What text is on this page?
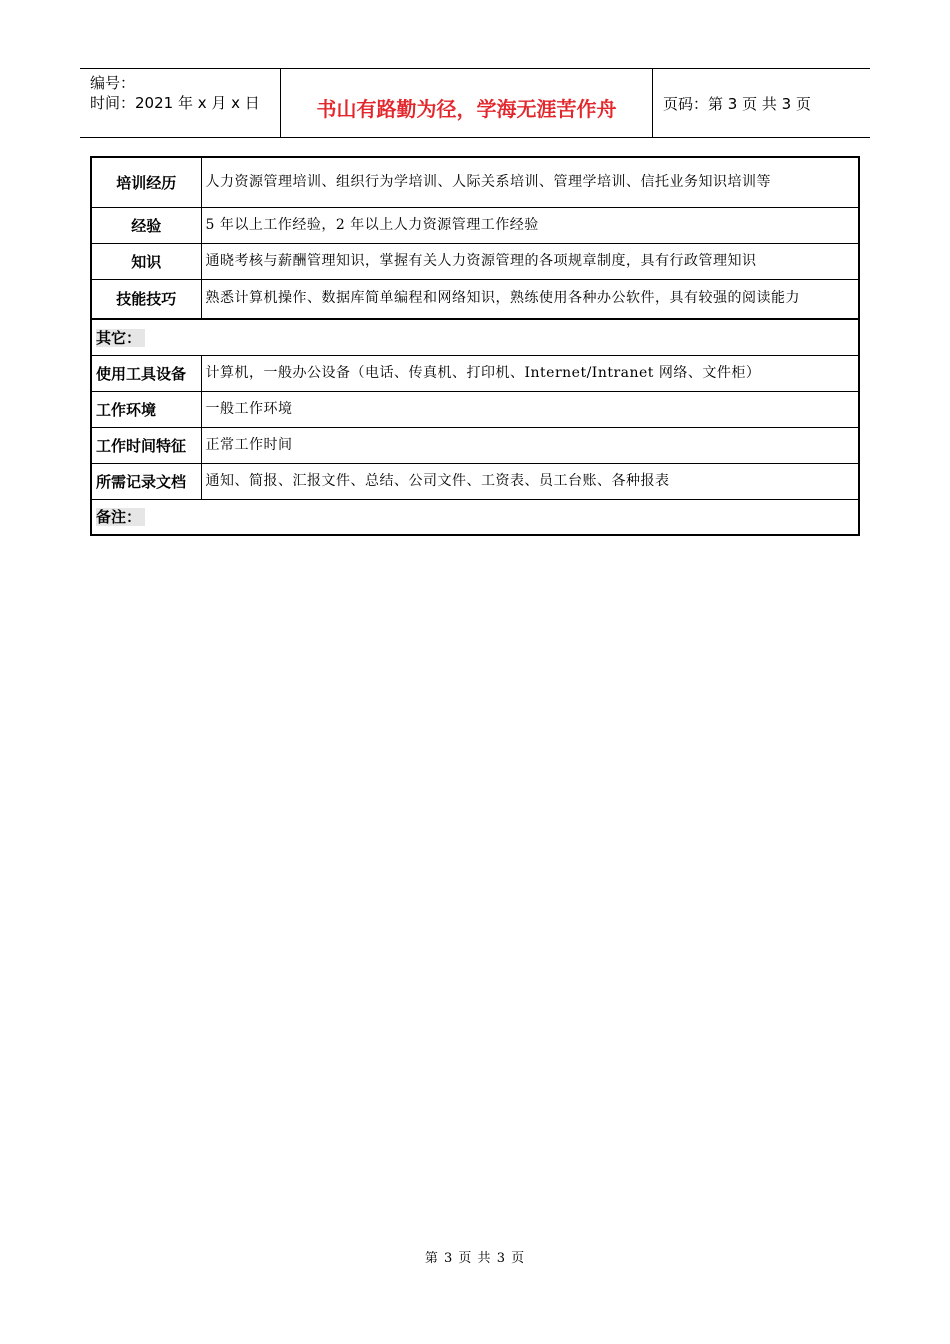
编号：
时间：2021 年 x 月 x 日	书山有路勤为径，学海无涯苦作舟	页码：第 3 页 共 3 页
培训经历	人力资源管理培训、组织行为学培训、人际关系培训、管理学培训、信托业务知识培训等
经验	5 年以上工作经验，2 年以上人力资源管理工作经验
知识	通晓考核与薪酬管理知识，掌握有关人力资源管理的各项规章制度，具有行政管理知识
技能技巧	熟悉计算机操作、数据库简单编程和网络知识，熟练使用各种办公软件，具有较强的阅读能力
其它：	
使用工具设备	计算机，一般办公设备（电话、传真机、打印机、Internet/Intranet 网络、文件柜）
工作环境	一般工作环境
工作时间特征	正常工作时间
所需记录文档	通知、简报、汇报文件、总结、公司文件、工资表、员工台账、各种报表
备注：	
第 3 页 共 3 页
